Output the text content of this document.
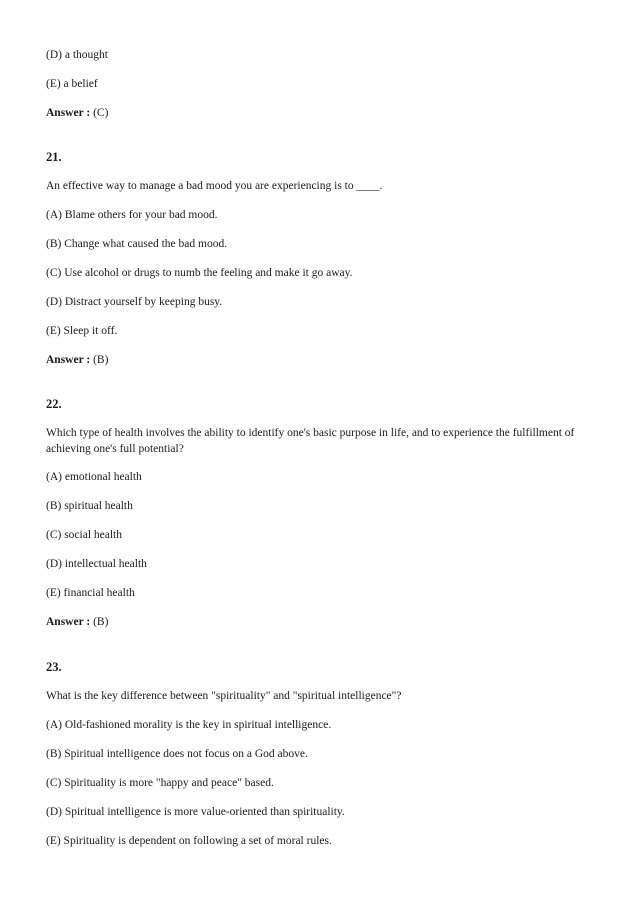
(D) a thought
(E) a belief
Answer : (C)
21.
An effective way to manage a bad mood you are experiencing is to ____.
(A) Blame others for your bad mood.
(B) Change what caused the bad mood.
(C) Use alcohol or drugs to numb the feeling and make it go away.
(D) Distract yourself by keeping busy.
(E) Sleep it off.
Answer : (B)
22.
Which type of health involves the ability to identify one's basic purpose in life, and to experience the fulfillment of achieving one's full potential?
(A) emotional health
(B) spiritual health
(C) social health
(D) intellectual health
(E) financial health
Answer : (B)
23.
What is the key difference between "spirituality" and "spiritual intelligence"?
(A) Old-fashioned morality is the key in spiritual intelligence.
(B) Spiritual intelligence does not focus on a God above.
(C) Spirituality is more "happy and peace" based.
(D) Spiritual intelligence is more value-oriented than spirituality.
(E) Spirituality is dependent on following a set of moral rules.
